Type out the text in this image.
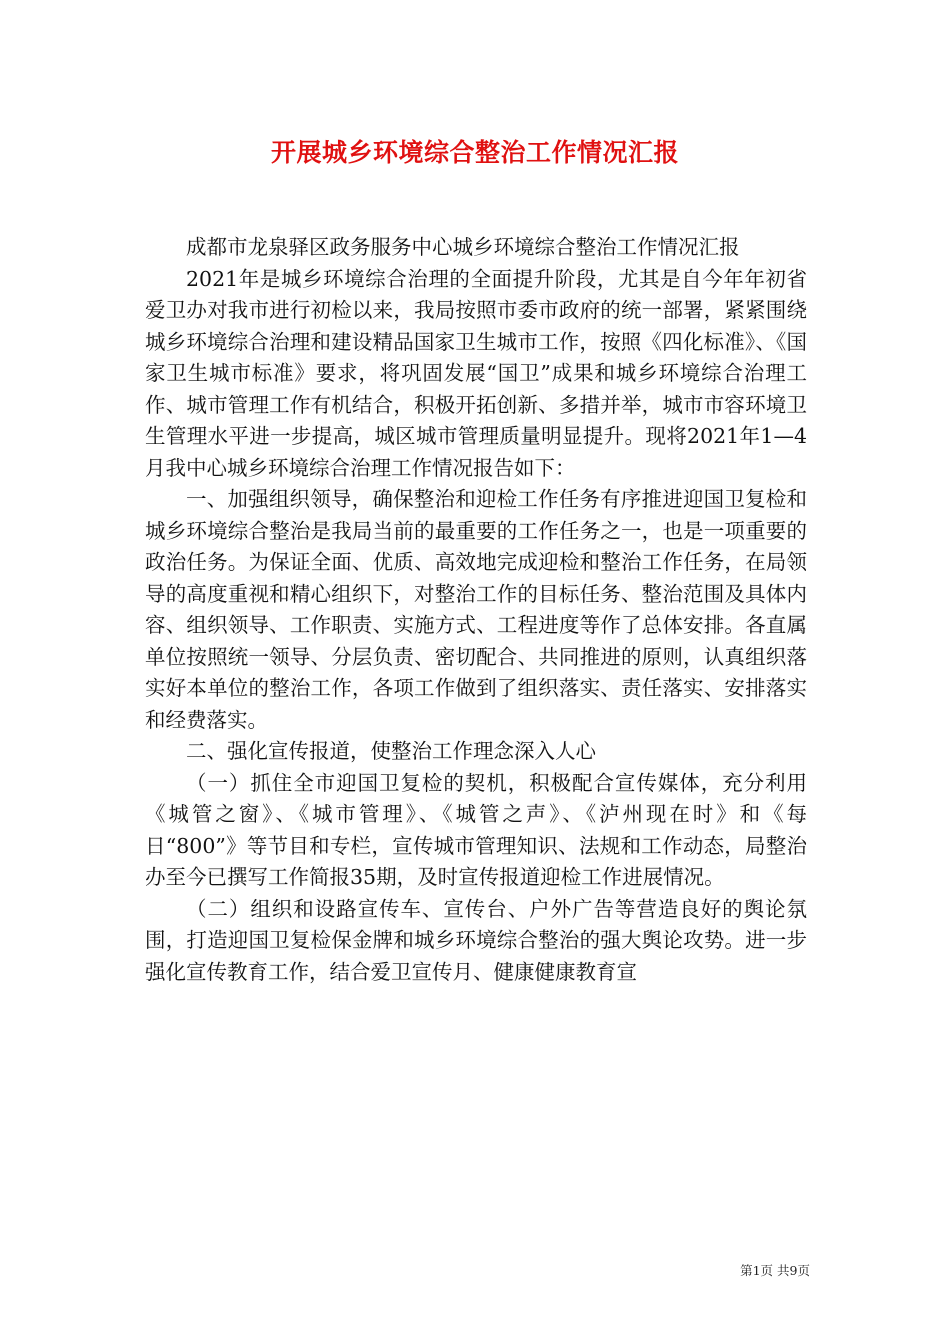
开展城乡环境综合整治工作情况汇报

成都市龙泉驿区政务服务中心城乡环境综合整治工作情况汇报

2021年是城乡环境综合治理的全面提升阶段，尤其是自今年年初省爱卫办对我市进行初检以来，我局按照市委市政府的统一部署，紧紧围绕城乡环境综合治理和建设精品国家卫生城市工作，按照《四化标准》、《国家卫生城市标准》要求，将巩固发展“国卫”成果和城乡环境综合治理工作、城市管理工作有机结合，积极开拓创新、多措并举，城市市容环境卫生管理水平进一步提高，城区城市管理质量明显提升。现将2021年1—4月我中心城乡环境综合治理工作情况报告如下：

一、加强组织领导，确保整治和迎检工作任务有序推进迎国卫复检和城乡环境综合整治是我局当前的最重要的工作任务之一，也是一项重要的政治任务。为保证全面、优质、高效地完成迎检和整治工作任务，在局领导的高度重视和精心组织下，对整治工作的目标任务、整治范围及具体内容、组织领导、工作职责、实施方式、工程进度等作了总体安排。各直属单位按照统一领导、分层负责、密切配合、共同推进的原则，认真组织落实好本单位的整治工作，各项工作做到了组织落实、责任落实、安排落实和经费落实。

二、强化宣传报道，使整治工作理念深入人心

（一）抓住全市迎国卫复检的契机，积极配合宣传媒体，充分利用《城管之窗》、《城市管理》、《城管之声》、《泸州现在时》和《每日“800”》等节目和专栏，宣传城市管理知识、法规和工作动态，局整治办至今已撰写工作简报35期，及时宣传报道迎检工作进展情况。

（二）组织和设路宣传车、宣传台、户外广告等营造良好的舆论氛围，打造迎国卫复检保金牌和城乡环境综合整治的强大舆论攻势。进一步强化宣传教育工作，结合爱卫宣传月、健康健康教育宣

第1页 共9页
